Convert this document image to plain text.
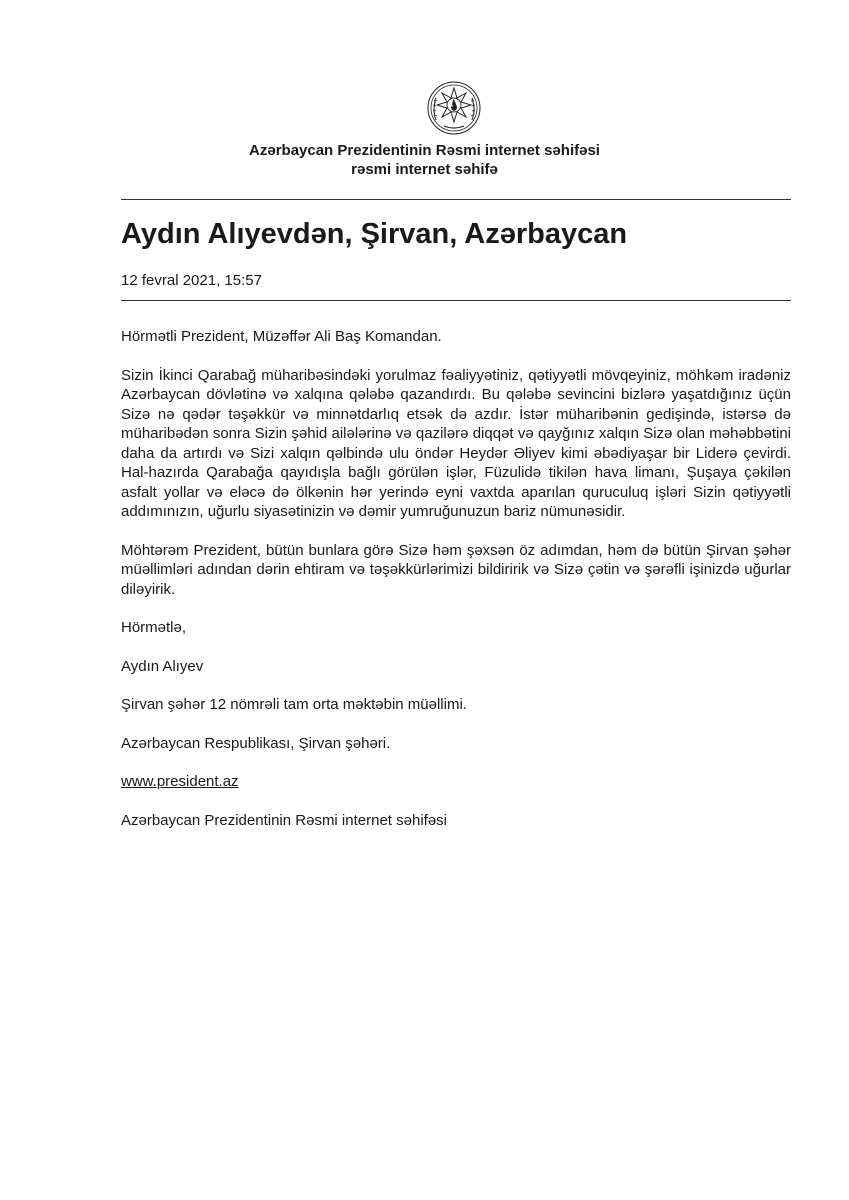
Azərbaycan Prezidentinin Rəsmi internet səhifəsi
rəsmi internet səhifə
Aydın Alıyevdən, Şirvan, Azərbaycan
12 fevral 2021, 15:57

Hörmətli Prezident, Müzəffər Ali Baş Komandan.

Sizin İkinci Qarabağ müharibəsindəki yorulmaz fəaliyyətiniz, qətiyyətli mövqeyiniz, möhkəm iradəniz Azərbaycan dövlətinə və xalqına qələbə qazandırdı. Bu qələbə sevincini bizlərə yaşatdığınız üçün Sizə nə qədər təşəkkür və minnətdarlıq etsək də azdır. İstər müharibənin gedişində, istərsə də müharibədən sonra Sizin şəhid ailələrinə və qazilərə diqqət və qayğınız xalqın Sizə olan məhəbbətini daha da artırdı və Sizi xalqın qəlbində ulu öndər Heydər Əliyev kimi əbədiyaşar bir Liderə çevirdi. Hal-hazırda Qarabağa qayıdışla bağlı görülən işlər, Füzulidə tikilən hava limanı, Şuşaya çəkilən asfalt yollar və eləcə də ölkənin hər yerində eyni vaxtda aparılan quruculuq işləri Sizin qətiyyətli addımınızın, uğurlu siyasətinizin və dəmir yumruğunuzun bariz nümunəsidir.

Möhtərəm Prezident, bütün bunlara görə Sizə həm şəxsən öz adımdan, həm də bütün Şirvan şəhər müəllimləri adından dərin ehtiram və təşəkkürlərimizi bildiririk və Sizə çətin və şərəfli işinizdə uğurlar diləyirik.

Hörmətlə,

Aydın Alıyev

Şirvan şəhər 12 nömrəli tam orta məktəbin müəllimi.

Azərbaycan Respublikası, Şirvan şəhəri.

www.president.az

Azərbaycan Prezidentinin Rəsmi internet səhifəsi
